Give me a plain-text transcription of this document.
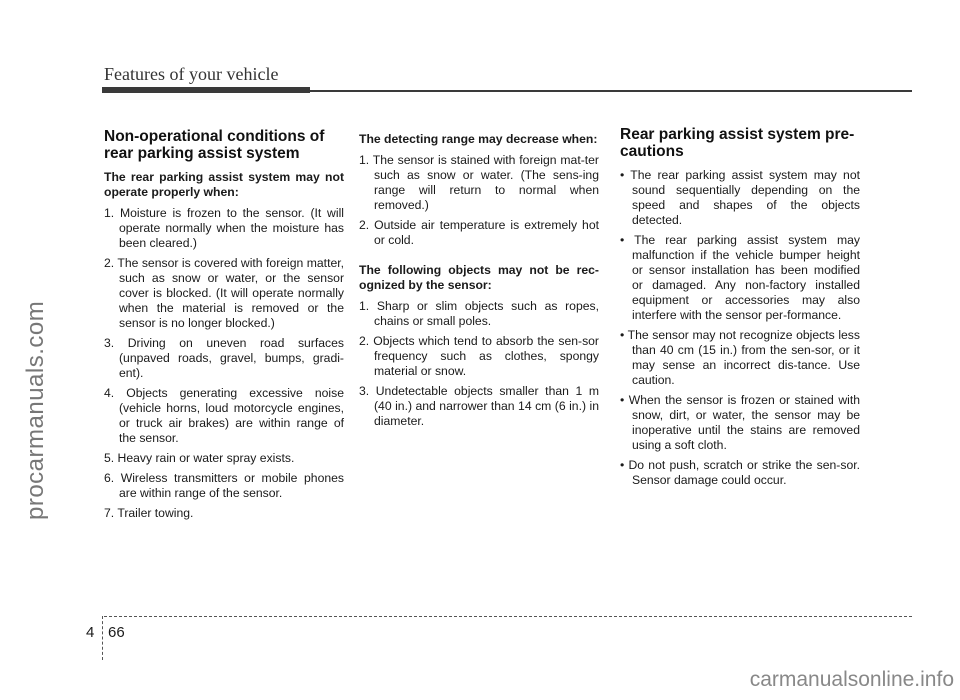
Features of your vehicle
procarmanuals.com
Non-operational conditions of rear parking assist system

The rear parking assist system may not operate properly when:

1. Moisture is frozen to the sensor. (It will operate normally when the moisture has been cleared.)
2. The sensor is covered with foreign matter, such as snow or water, or the sensor cover is blocked. (It will operate normally when the material is removed or the sensor is no longer blocked.)
3. Driving on uneven road surfaces (unpaved roads, gravel, bumps, gradi-ent).
4. Objects generating excessive noise (vehicle horns, loud motorcycle engines, or truck air brakes) are within range of the sensor.
5. Heavy rain or water spray exists.
6. Wireless transmitters or mobile phones are within range of the sensor.
7. Trailer towing.

The detecting range may decrease when:

1. The sensor is stained with foreign mat-ter such as snow or water. (The sens-ing range will return to normal when removed.)
2. Outside air temperature is extremely hot or cold.

The following objects may not be rec-ognized by the sensor:

1. Sharp or slim objects such as ropes, chains or small poles.
2. Objects which tend to absorb the sen-sor frequency such as clothes, spongy material or snow.
3. Undetectable objects smaller than 1 m (40 in.) and narrower than 14 cm (6 in.) in diameter.
Rear parking assist system pre-cautions
• The rear parking assist system may not sound sequentially depending on the speed and shapes of the objects detected.
• The rear parking assist system may malfunction if the vehicle bumper height or sensor installation has been modified or damaged. Any non-factory installed equipment or accessories may also interfere with the sensor per-formance.
• The sensor may not recognize objects less than 40 cm (15 in.) from the sen-sor, or it may sense an incorrect dis-tance. Use caution.
• When the sensor is frozen or stained with snow, dirt, or water, the sensor may be inoperative until the stains are removed using a soft cloth.
• Do not push, scratch or strike the sen-sor. Sensor damage could occur.
4 66
carmanualsonline.info
